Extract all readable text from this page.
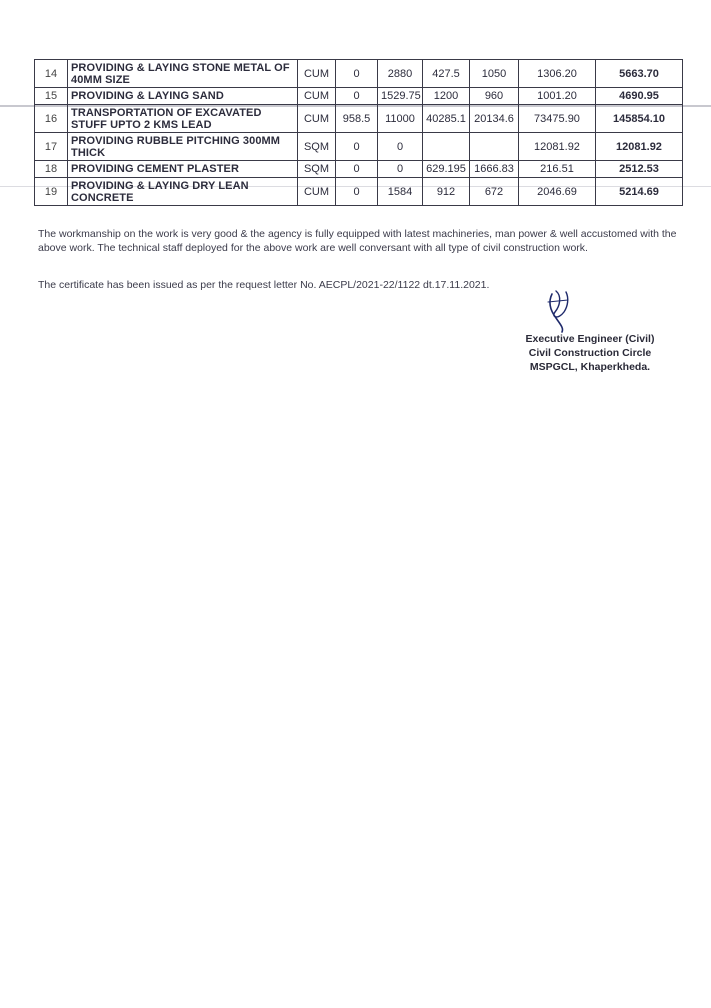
14	PROVIDING & LAYING STONE METAL OF 40MM SIZE	CUM	0	2880	427.5	1050	1306.20	5663.70
15	PROVIDING & LAYING SAND	CUM	0	1529.75	1200	960	1001.20	4690.95
16	TRANSPORTATION OF EXCAVATED STUFF UPTO 2 KMS LEAD	CUM	958.5	11000	40285.1	20134.6	73475.90	145854.10
17	PROVIDING RUBBLE PITCHING 300MM THICK	SQM	0	0			12081.92	12081.92
18	PROVIDING CEMENT PLASTER	SQM	0	0	629.195	1666.83	216.51	2512.53
19	PROVIDING & LAYING DRY LEAN CONCRETE	CUM	0	1584	912	672	2046.69	5214.69
The workmanship on the work is very good & the agency is fully equipped with latest machineries, man power & well accustomed with the above work. The technical staff deployed for the above work are well conversant with all type of civil construction work.
The certificate has been issued as per the request letter No. AECPL/2021-22/1122 dt.17.11.2021.
Executive Engineer (Civil)
Civil Construction Circle
MSPGCL, Khaperkheda.
